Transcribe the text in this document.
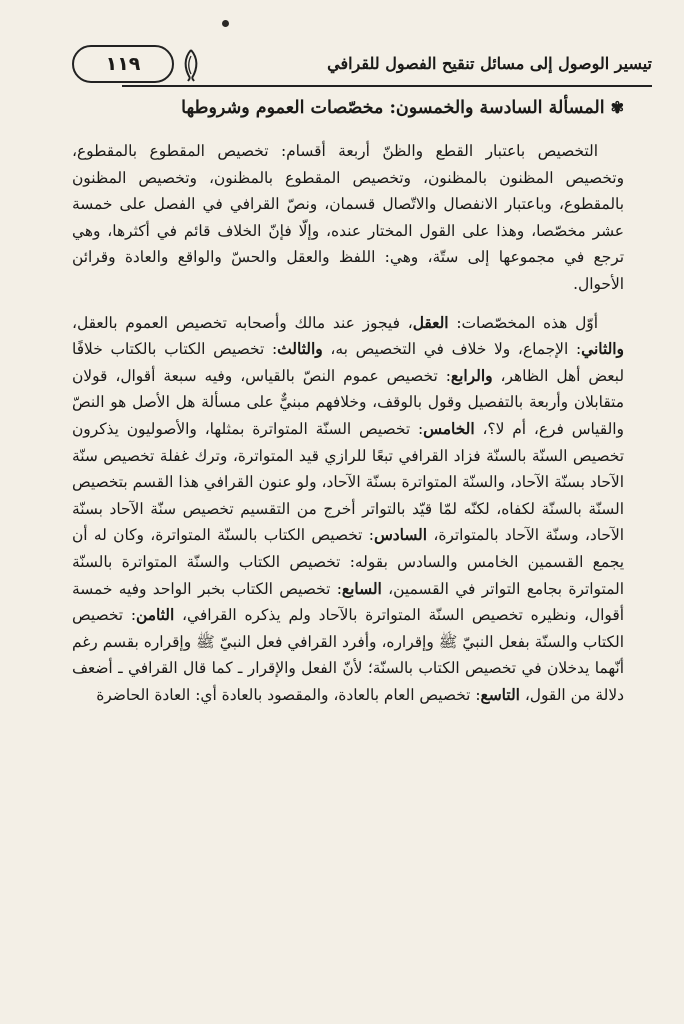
١١٩	تيسير الوصول إلى مسائل تنقيح الفصول للقرافي
✾المسألة السادسة والخمسون: مخصّصات العموم وشروطها

التخصيص باعتبار القطع والظنّ أربعة أقسام: تخصيص المقطوع بالمقطوع، وتخصيص المظنون بالمظنون، وتخصيص المقطوع بالمظنون، وتخصيص المظنون بالمقطوع، وباعتبار الانفصال والاتّصال قسمان، ونصّ القرافي في الفصل على خمسة عشر مخصّصا، وهذا على القول المختار عنده، وإلّا فإنّ الخلاف قائم في أكثرها، وهي ترجع في مجموعها إلى ستّة، وهي: اللفظ والعقل والحسّ والواقع والعادة وقرائن الأحوال.

أوّل هذه المخصّصات: العقل، فيجوز عند مالك وأصحابه تخصيص العموم بالعقل، والثاني: الإجماع، ولا خلاف في التخصيص به، والثالث: تخصيص الكتاب بالكتاب خلافًا لبعض أهل الظاهر، والرابع: تخصيص عموم النصّ بالقياس، وفيه سبعة أقوال، قولان متقابلان وأربعة بالتفصيل وقول بالوقف، وخلافهم مبنيٌّ على مسألة هل الأصل هو النصّ والقياس فرع، أم لا؟، الخامس: تخصيص السنّة المتواترة بمثلها، والأصوليون يذكرون تخصيص السنّة بالسنّة فزاد القرافي تبعًا للرازي قيد المتواترة، وترك غفلة تخصيص سنّة الآحاد بسنّة الآحاد، والسنّة المتواترة بسنّة الآحاد، ولو عنون القرافي هذا القسم بتخصيص السنّة بالسنّة لكفاه، لكنّه لمّا قيّد بالتواتر أخرج من التقسيم تخصيص سنّة الآحاد بسنّة الآحاد، وسنّة الآحاد بالمتواترة، السادس: تخصيص الكتاب بالسنّة المتواترة، وكان له أن يجمع القسمين الخامس والسادس بقوله: تخصيص الكتاب والسنّة المتواترة بالسنّة المتواترة بجامع التواتر في القسمين، السابع: تخصيص الكتاب بخبر الواحد وفيه خمسة أقوال، ونظيره تخصيص السنّة المتواترة بالآحاد ولم يذكره القرافي، الثامن: تخصيص الكتاب والسنّة بفعل النبيّ ﷺ وإقراره، وأفرد القرافي فعل النبيّ ﷺ وإقراره بقسم رغم أنّهما يدخلان في تخصيص الكتاب بالسنّة؛ لأنّ الفعل والإقرار ـ كما قال القرافي ـ أضعف دلالة من القول، التاسع: تخصيص العام بالعادة، والمقصود بالعادة أي: العادة الحاضرة
